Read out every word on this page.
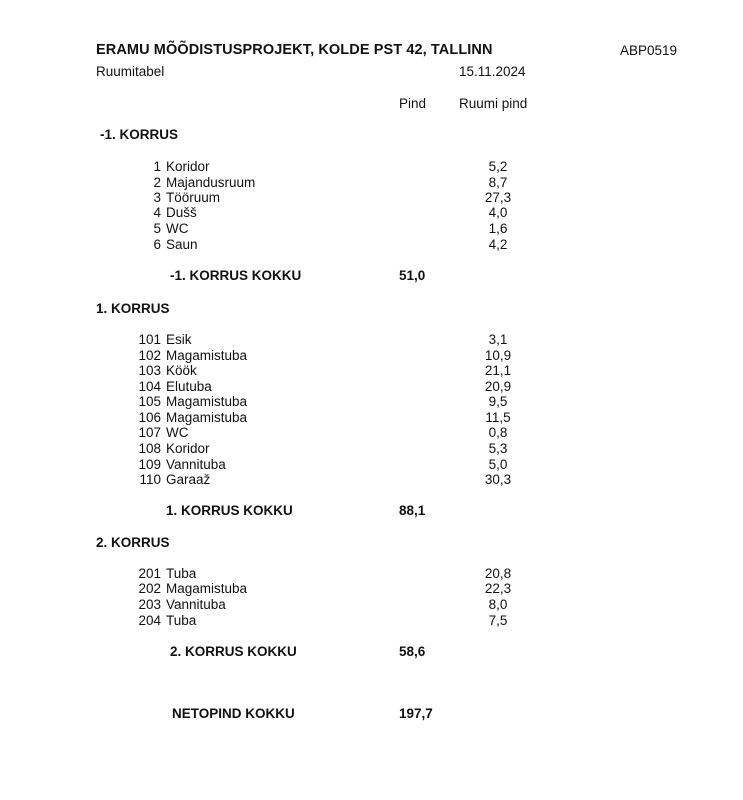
ERAMU MÕÕDISTUSPROJEKT, KOLDE PST 42, TALLINN	ABP0519
Ruumitabel	15.11.2024
Pind Ruumi pind
-1. KORRUS
1 Koridor	5,2
2 Majandusruum	8,7
3 Tööruum	27,3
4 Dušš	4,0
5 WC	1,6
6 Saun	4,2
-1. KORRUS KOKKU	51,0
1. KORRUS
101 Esik	3,1
102 Magamistuba	10,9
103 Köök	21,1
104 Elutuba	20,9
105 Magamistuba	9,5
106 Magamistuba	11,5
107 WC	0,8
108 Koridor	5,3
109 Vannituba	5,0
110 Garaaž	30,3
1. KORRUS KOKKU	88,1
2. KORRUS
201 Tuba	20,8
202 Magamistuba	22,3
203 Vannituba	8,0
204 Tuba	7,5
2. KORRUS KOKKU	58,6
NETOPIND KOKKU	197,7
